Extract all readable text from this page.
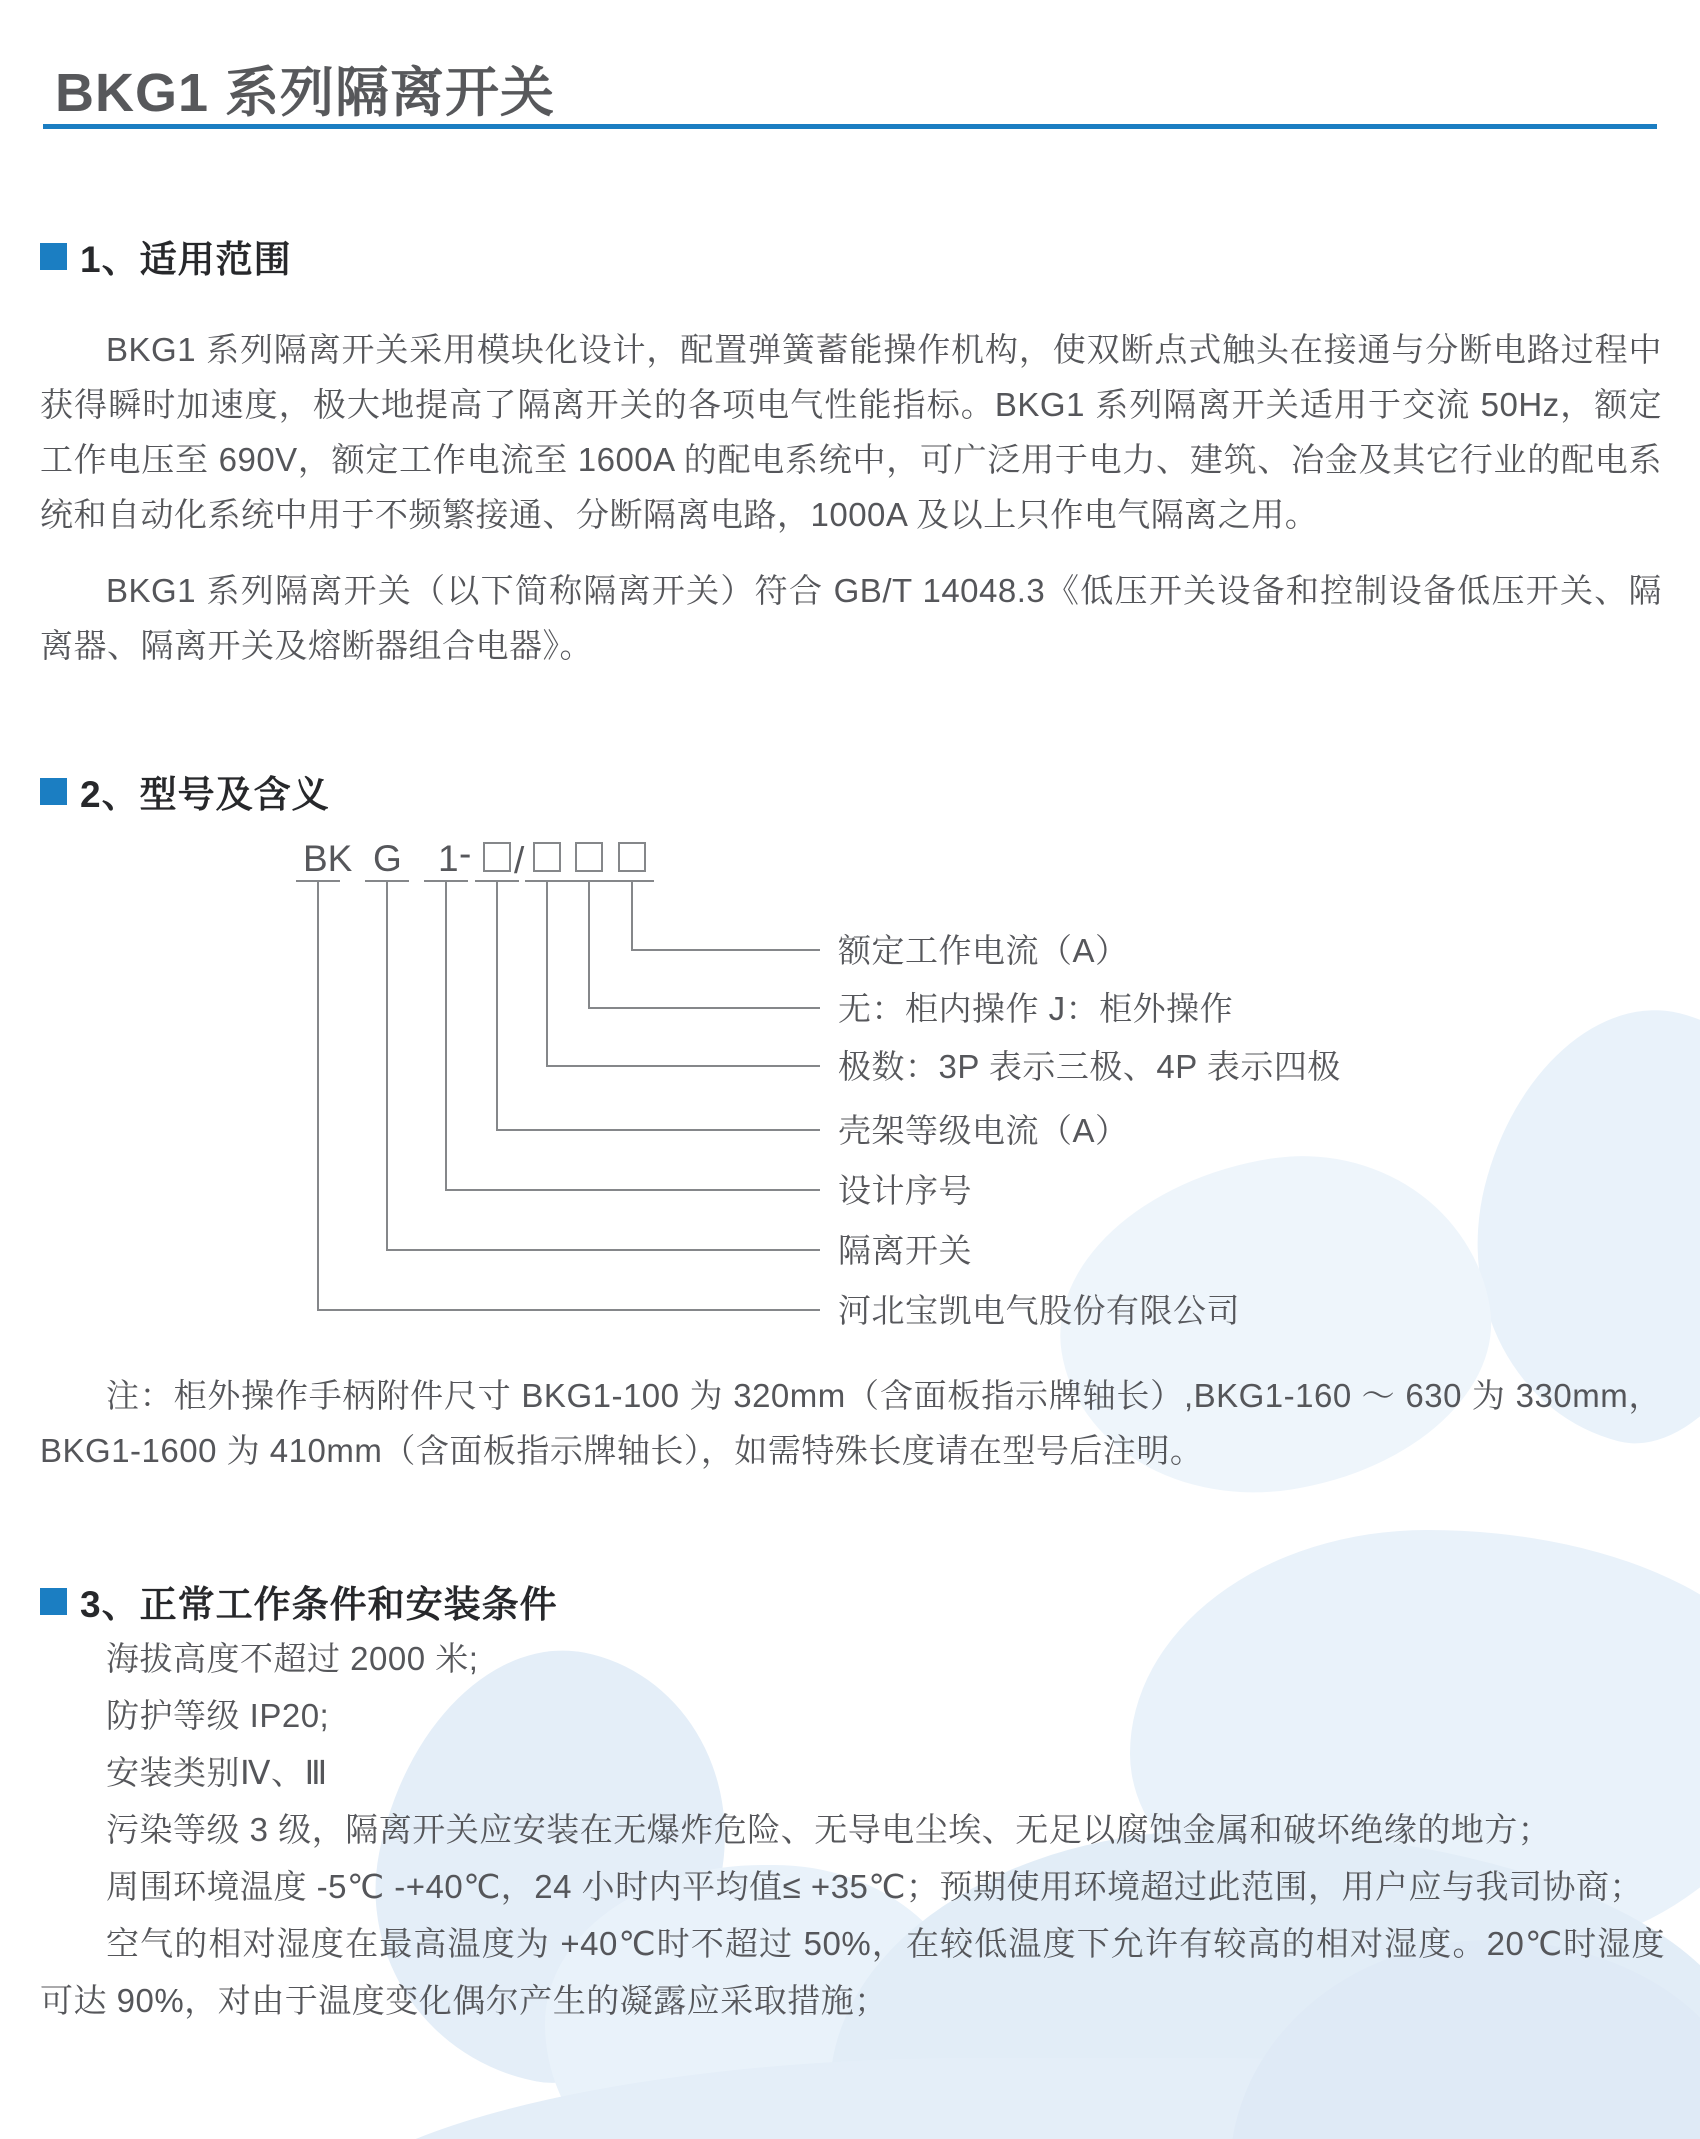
BKG1 系列隔离开关
1、适用范围

BKG1 系列隔离开关采用模块化设计，配置弹簧蓄能操作机构，使双断点式触头在接通与分断电路过程中获得瞬时加速度，极大地提高了隔离开关的各项电气性能指标。BKG1 系列隔离开关适用于交流 50Hz，额定工作电压至 690V，额定工作电流至 1600A 的配电系统中，可广泛用于电力、建筑、冶金及其它行业的配电系统和自动化系统中用于不频繁接通、分断隔离电路，1000A 及以上只作电气隔离之用。

BKG1 系列隔离开关（以下简称隔离开关）符合 GB/T 14048.3《低压开关设备和控制设备低压开关、隔离器、隔离开关及熔断器组合电器》。

2、型号及含义
BK G 1 - /
额定工作电流（A）
无：柜内操作 J：柜外操作
极数：3P 表示三极、4P 表示四极
壳架等级电流（A）
设计序号
隔离开关
河北宝凯电气股份有限公司

注：柜外操作手柄附件尺寸 BKG1-100 为 320mm（含面板指示牌轴长）,BKG1-160 ～ 630 为 330mm，BKG1-1600 为 410mm（含面板指示牌轴长），如需特殊长度请在型号后注明。

3、正常工作条件和安装条件

海拔高度不超过 2000 米;

防护等级 IP20;

安装类别Ⅳ、Ⅲ

污染等级 3 级，隔离开关应安装在无爆炸危险、无导电尘埃、无足以腐蚀金属和破坏绝缘的地方；

周围环境温度 -5℃ -+40℃，24 小时内平均值≤ +35℃；预期使用环境超过此范围，用户应与我司协商；

空气的相对湿度在最高温度为 +40℃时不超过 50%，在较低温度下允许有较高的相对湿度。20℃时湿度可达 90%，对由于温度变化偶尔产生的凝露应采取措施；
